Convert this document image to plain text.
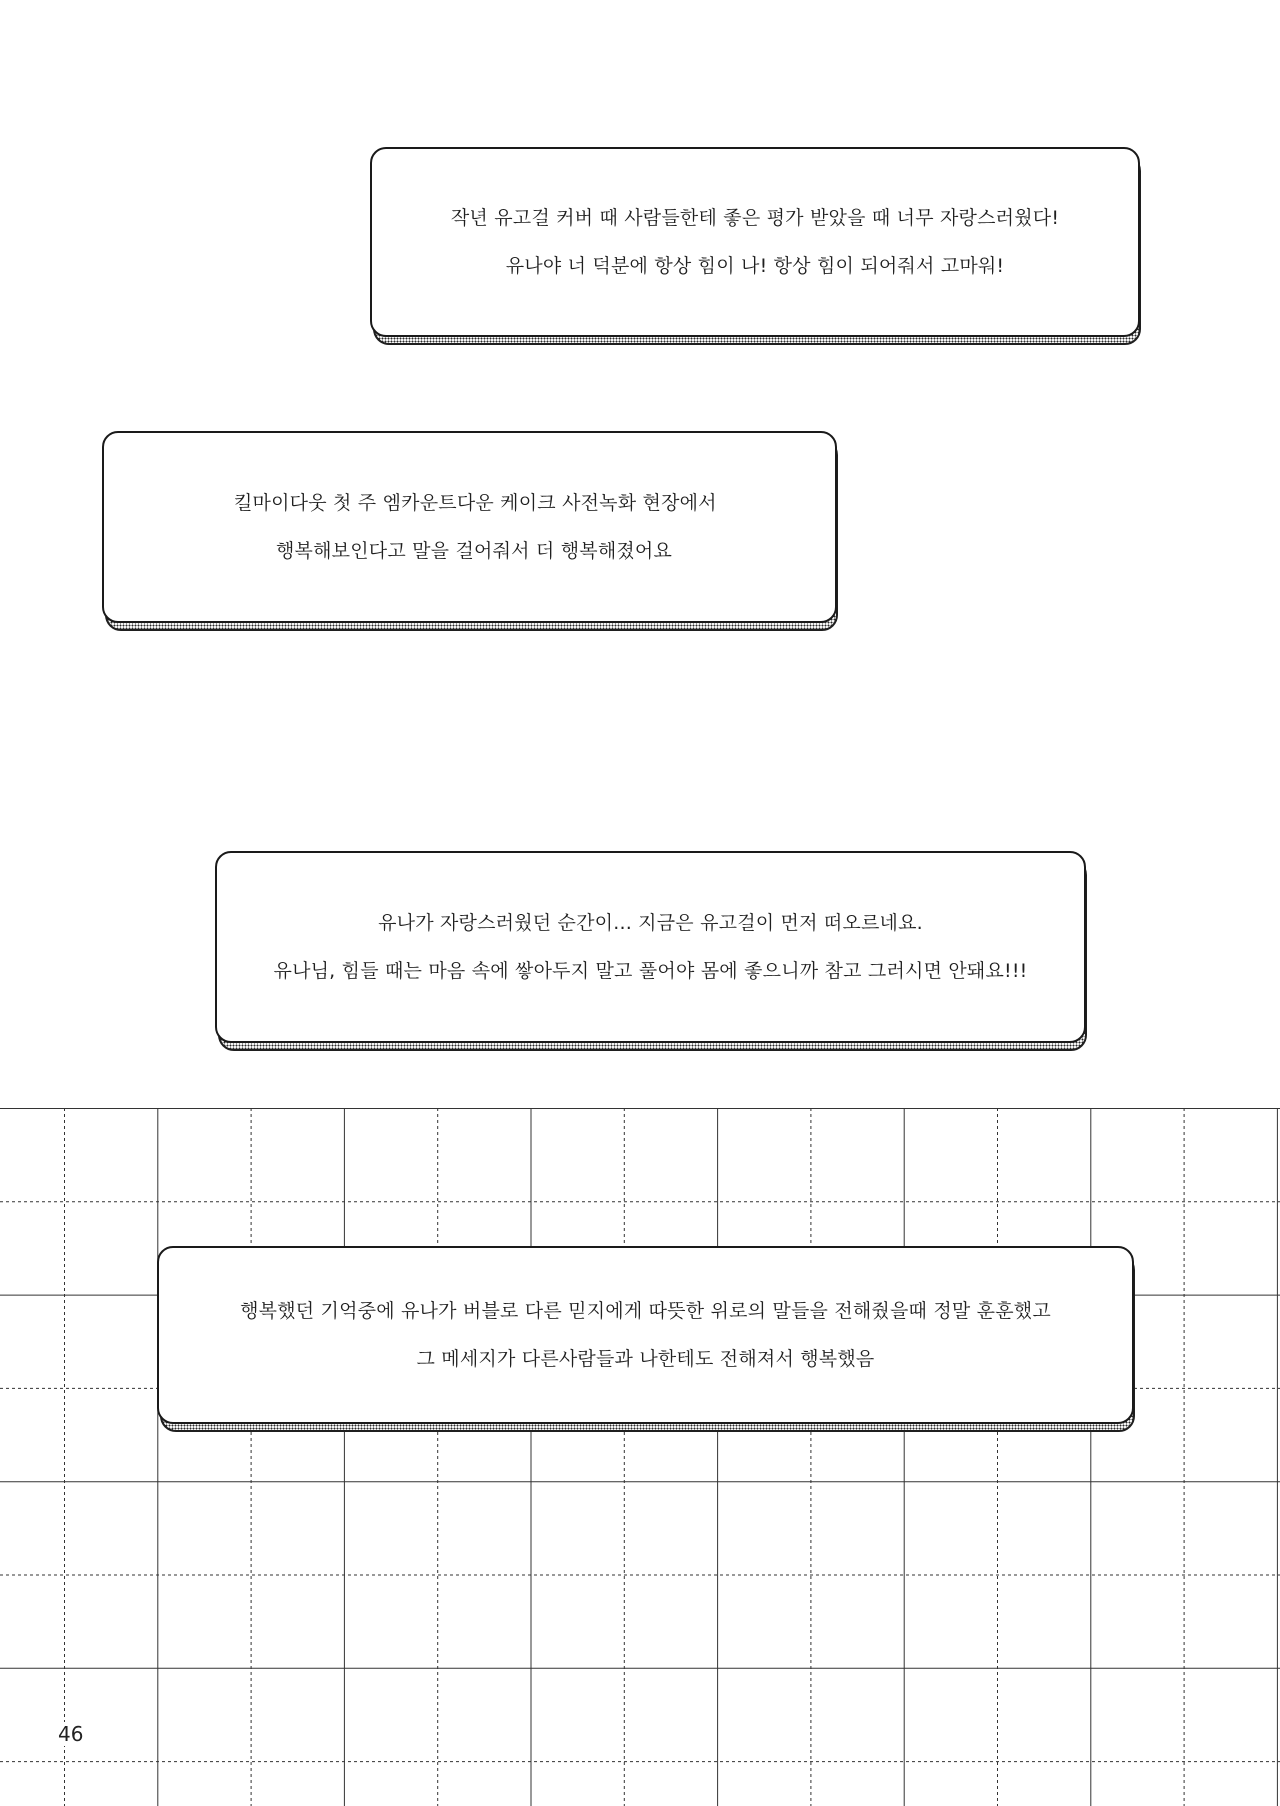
작년 유고걸 커버 때 사람들한테 좋은 평가 받았을 때 너무 자랑스러웠다!

유나야 너 덕분에 항상 힘이 나! 항상 힘이 되어줘서 고마워!

킬마이다웃 첫 주 엠카운트다운 케이크 사전녹화 현장에서

행복해보인다고 말을 걸어줘서 더 행복해졌어요

유나가 자랑스러웠던 순간이... 지금은 유고걸이 먼저 떠오르네요.

유나님, 힘들 때는 마음 속에 쌓아두지 말고 풀어야 몸에 좋으니까 참고 그러시면 안돼요!!!

행복했던 기억중에 유나가 버블로 다른 믿지에게 따뜻한 위로의 말들을 전해줬을때 정말 훈훈했고

그 메세지가 다른사람들과 나한테도 전해져서 행복했음

46
